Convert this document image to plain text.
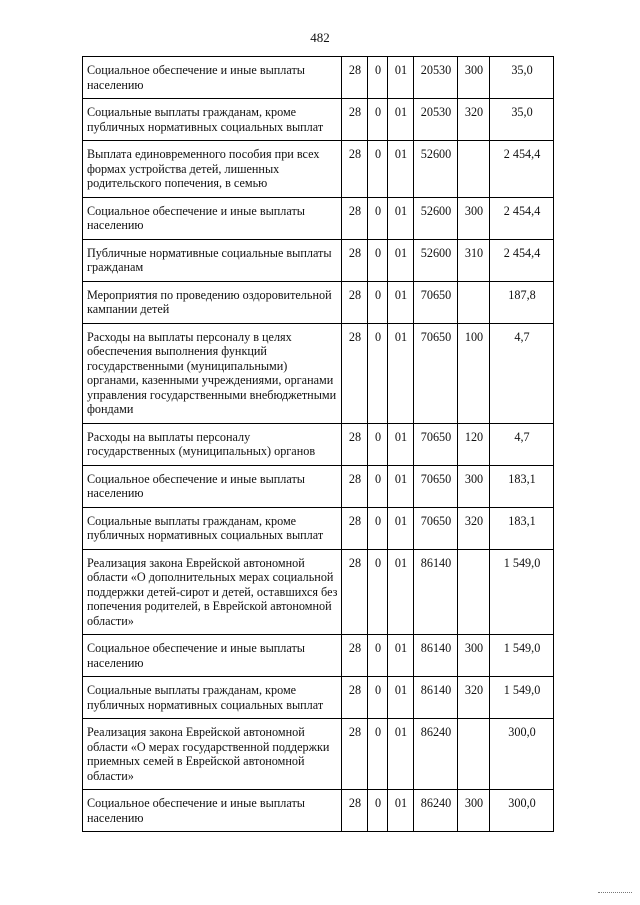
482
Социальное обеспечение и иные выплаты населению	28	0	01	20530	300	35,0
Социальные выплаты гражданам, кроме публичных нормативных социальных выплат	28	0	01	20530	320	35,0
Выплата единовременного пособия при всех формах устройства детей, лишенных родительского попечения, в семью	28	0	01	52600		2 454,4
Социальное обеспечение и иные выплаты населению	28	0	01	52600	300	2 454,4
Публичные нормативные социальные выплаты гражданам	28	0	01	52600	310	2 454,4
Мероприятия по проведению оздоровительной кампании детей	28	0	01	70650		187,8
Расходы на выплаты персоналу в целях обеспечения выполнения функций государственными (муниципальными) органами, казенными учреждениями, органами управления государственными внебюджетными фондами	28	0	01	70650	100	4,7
Расходы на выплаты персоналу государственных (муниципальных) органов	28	0	01	70650	120	4,7
Социальное обеспечение и иные выплаты населению	28	0	01	70650	300	183,1
Социальные выплаты гражданам, кроме публичных нормативных социальных выплат	28	0	01	70650	320	183,1
Реализация закона Еврейской автономной области «О дополнительных мерах социальной поддержки детей-сирот и детей, оставшихся без попечения родителей, в Еврейской автономной области»	28	0	01	86140		1 549,0
Социальное обеспечение и иные выплаты населению	28	0	01	86140	300	1 549,0
Социальные выплаты гражданам, кроме публичных нормативных социальных выплат	28	0	01	86140	320	1 549,0
Реализация закона Еврейской автономной области «О мерах государственной поддержки приемных семей в Еврейской автономной области»	28	0	01	86240		300,0
Социальное обеспечение и иные выплаты населению	28	0	01	86240	300	300,0
